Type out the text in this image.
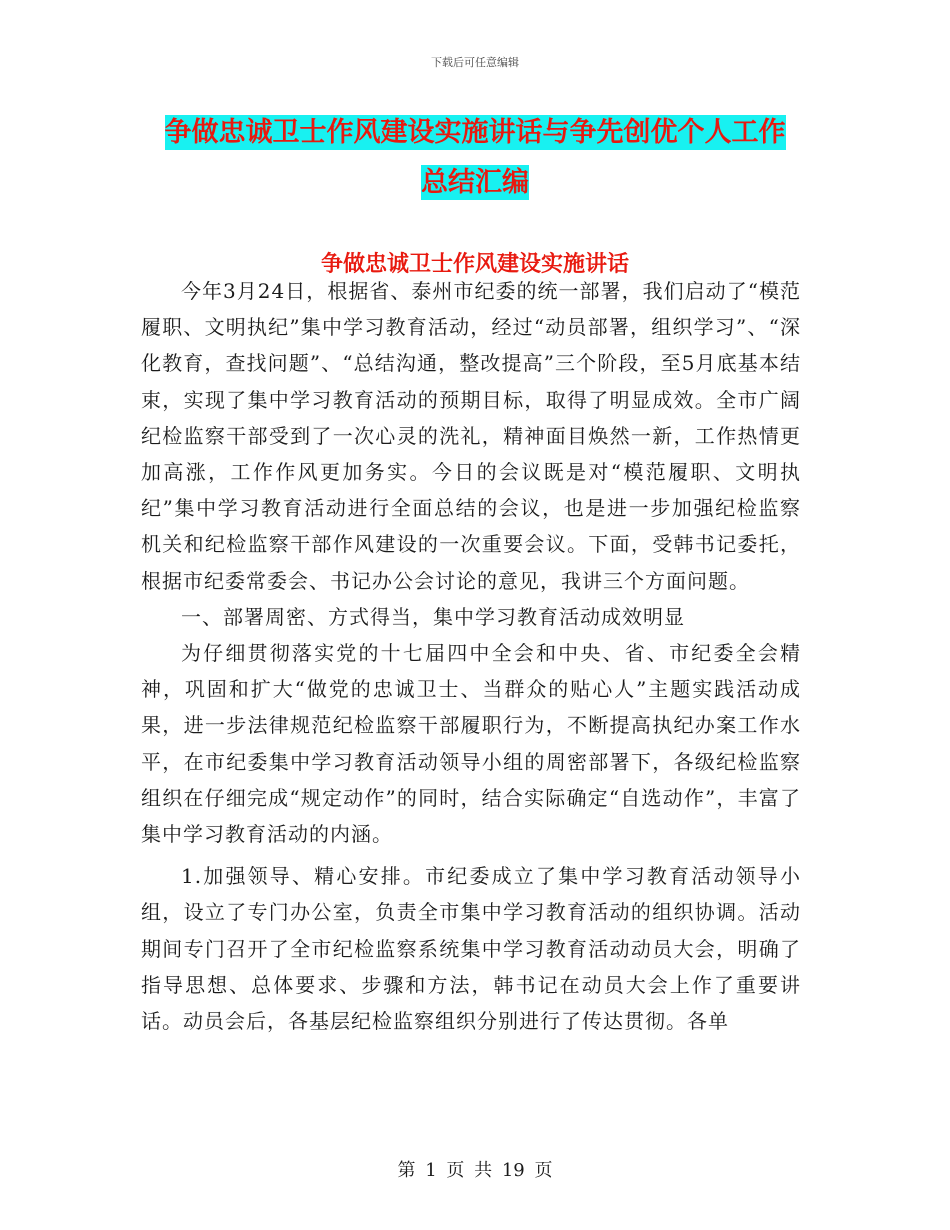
下载后可任意编辑
争做忠诚卫士作风建设实施讲话与争先创优个人工作
总结汇编
争做忠诚卫士作风建设实施讲话

今年3月24日，根据省、泰州市纪委的统一部署，我们启动了“模范履职、文明执纪”集中学习教育活动，经过“动员部署，组织学习”、“深化教育，查找问题”、“总结沟通，整改提高”三个阶段，至5月底基本结束，实现了集中学习教育活动的预期目标，取得了明显成效。全市广阔纪检监察干部受到了一次心灵的洗礼，精神面目焕然一新，工作热情更加高涨，工作作风更加务实。今日的会议既是对“模范履职、文明执纪”集中学习教育活动进行全面总结的会议，也是进一步加强纪检监察机关和纪检监察干部作风建设的一次重要会议。下面，受韩书记委托，根据市纪委常委会、书记办公会讨论的意见，我讲三个方面问题。

一、部署周密、方式得当，集中学习教育活动成效明显

为仔细贯彻落实党的十七届四中全会和中央、省、市纪委全会精神，巩固和扩大“做党的忠诚卫士、当群众的贴心人”主题实践活动成果，进一步法律规范纪检监察干部履职行为，不断提高执纪办案工作水平，在市纪委集中学习教育活动领导小组的周密部署下，各级纪检监察组织在仔细完成“规定动作”的同时，结合实际确定“自选动作”，丰富了集中学习教育活动的内涵。

1.加强领导、精心安排。市纪委成立了集中学习教育活动领导小组，设立了专门办公室，负责全市集中学习教育活动的组织协调。活动期间专门召开了全市纪检监察系统集中学习教育活动动员大会，明确了指导思想、总体要求、步骤和方法，韩书记在动员大会上作了重要讲话。动员会后，各基层纪检监察组织分别进行了传达贯彻。各单

第 1 页 共 19 页
